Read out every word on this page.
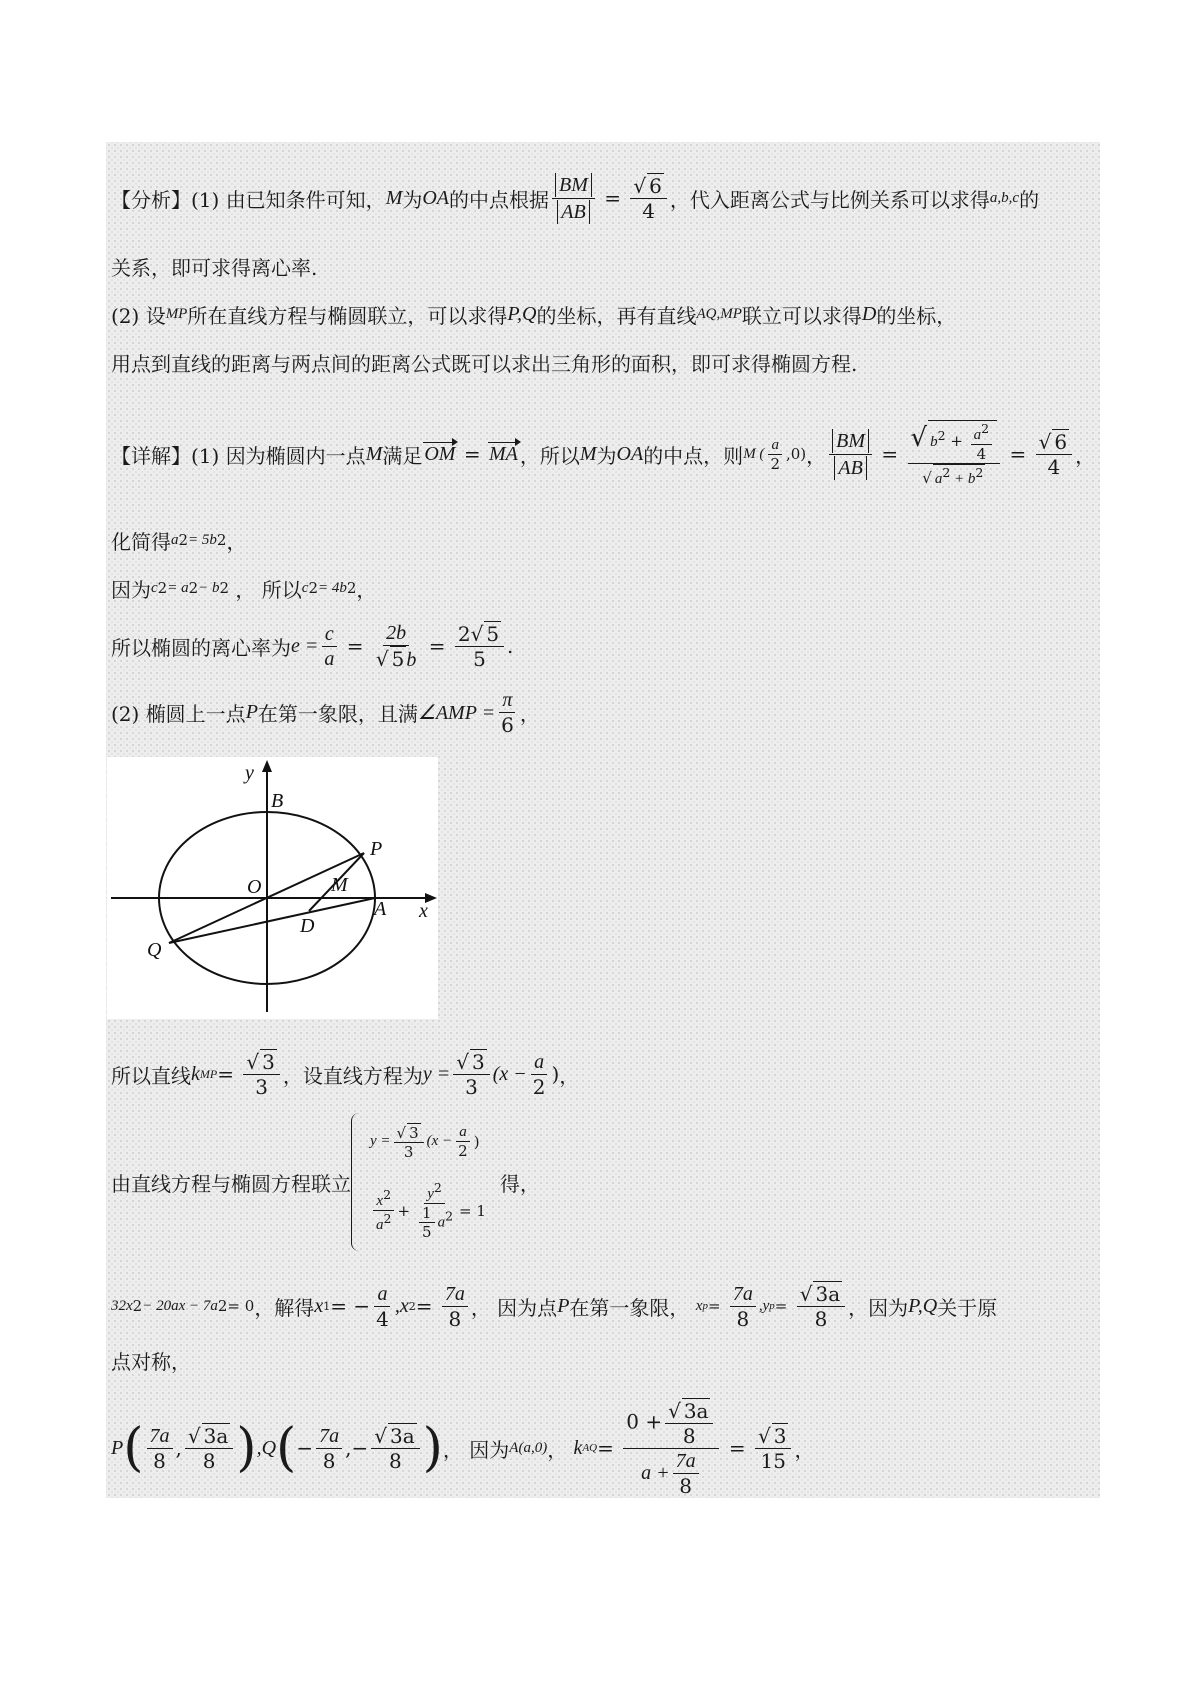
【分析】 (1) 由已知条件可知， M 为 OA 的中点根据 $\frac{BM}{AB} = \frac{√ 6}{4}$ ，代入距离公式与比例关系可以求得 a,b,c 的
关系，即可求得离心率.
(2) 设 MP 所在直线方程与椭圆联立，可以求得 P,Q 的坐标，再有直线 AQ,MP 联立可以求得 D 的坐标，
用点到直线的距离与两点间的距离公式既可以求出三角形的面积，即可求得椭圆方程.
【详解】 (1) 因为椭圆内一点 M 满足 OM = MA ，所以 M 为 OA 的中点，则 M ( $\frac{a}{2} ,0$) ， $\frac{BM}{AB} = \frac{√ b^2 + \frac{a^2}{4}}{√ a^2 + b^2} = \frac{√ 6}{4}$ ，
化简得 a 2 = 5b 2 ，
因为 c 2 = a 2 − b 2
，
所以 c 2 = 4b 2 ，
所以椭圆的离心率为 $e = \frac{c}{a} = \frac{2b}{√ 5 b} = \frac{2√ 5}{5}$ .
(2) 椭圆上一点 P 在第一象限，且满 ∠AMP = $\frac{\pi}{6}$ ，
B
P
O	M
A x
y
D
Q
所以直线 k MP =
$\frac{√ 3}{3}$ ，设直线方程为 $y = \frac{√ 3}{3} (x - \frac{a}{2}$ ) ，
由直线方程与椭圆方程联立
$y = \frac{√ 3}{3} (x - \frac{a}{2}$ )
$\frac{x^2}{a^2} + \frac{y^2}{\frac{1}{5} a^2} = 1$
得，
32x 2 − 20ax − 7a 2 = 0 ，解得 x 1 = − $\frac{a}{4} ,x$ 2 =
$\frac{7a}{8}$ ， 因为点 P 在第一象限，
x p =
$\frac{7a}{8}$ , y p =
$\frac{√ 3a}{8}$ ，因为 P,Q 关于原
点对称，
P ( $\frac{7a}{8}$ , $\frac{√ 3a}{8}$ ) ,Q ( − $\frac{7a}{8}$ ,− $\frac{√ 3a}{8}$ ) ， 因为 A(a,0) ，
k AQ =
$\frac{0 + \frac{√ 3a}{8}}{a + \frac{7a}{8}} = \frac{√ 3}{15}$ ，
